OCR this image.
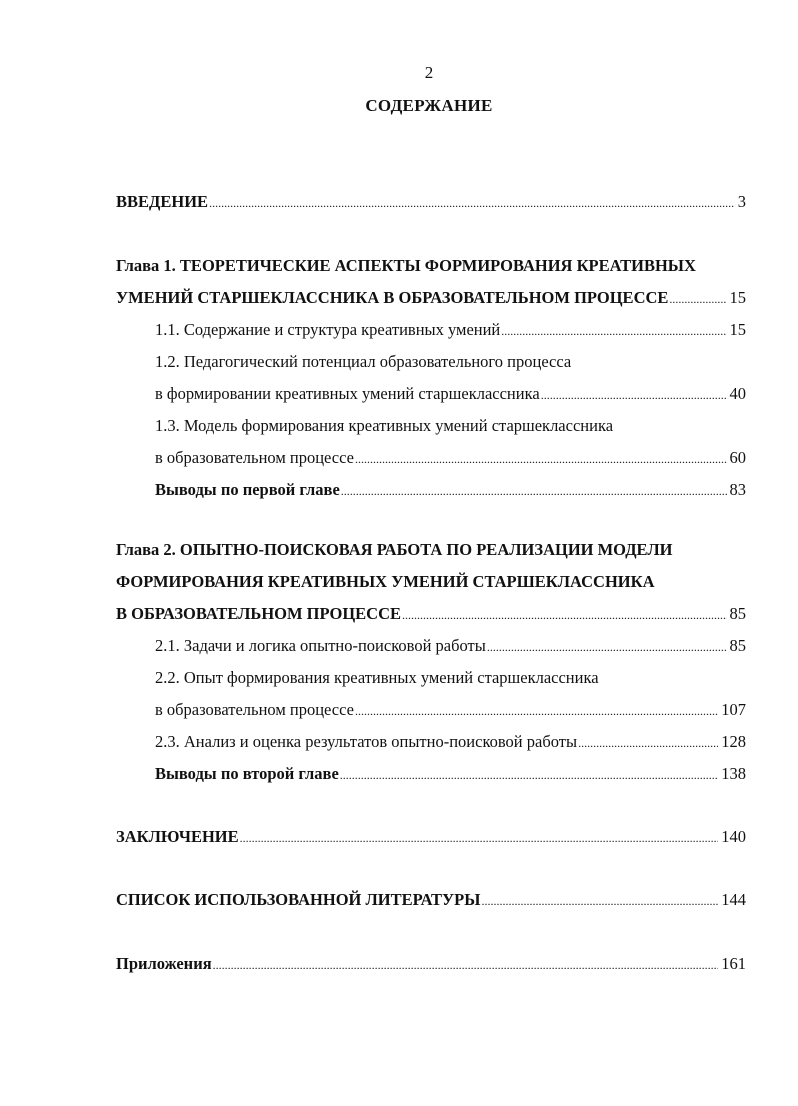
2
СОДЕРЖАНИЕ
ВВЕДЕНИЕ .....	3
Глава 1. ТЕОРЕТИЧЕСКИЕ АСПЕКТЫ ФОРМИРОВАНИЯ КРЕАТИВНЫХ
УМЕНИЙ СТАРШЕКЛАССНИКА В ОБРАЗОВАТЕЛЬНОМ ПРОЦЕССЕ .....	15
1.1. Содержание и структура креативных умений .....	15
1.2. Педагогический потенциал образовательного процесса
в формировании креативных умений старшеклассника .....	40
1.3. Модель формирования креативных умений старшеклассника
в образовательном процессе .....	60
Выводы по первой главе .....	83
Глава 2. ОПЫТНО-ПОИСКОВАЯ РАБОТА ПО РЕАЛИЗАЦИИ МОДЕЛИ
ФОРМИРОВАНИЯ КРЕАТИВНЫХ УМЕНИЙ СТАРШЕКЛАССНИКА
В ОБРАЗОВАТЕЛЬНОМ ПРОЦЕССЕ .....	85
2.1. Задачи и логика опытно-поисковой работы .....	85
2.2. Опыт формирования креативных умений старшеклассника
в образовательном процессе .....	107
2.3. Анализ и оценка результатов опытно-поисковой работы .....	128
Выводы по второй главе .....	138
ЗАКЛЮЧЕНИЕ .....	140
СПИСОК ИСПОЛЬЗОВАННОЙ ЛИТЕРАТУРЫ .....	144
Приложения .....	161
